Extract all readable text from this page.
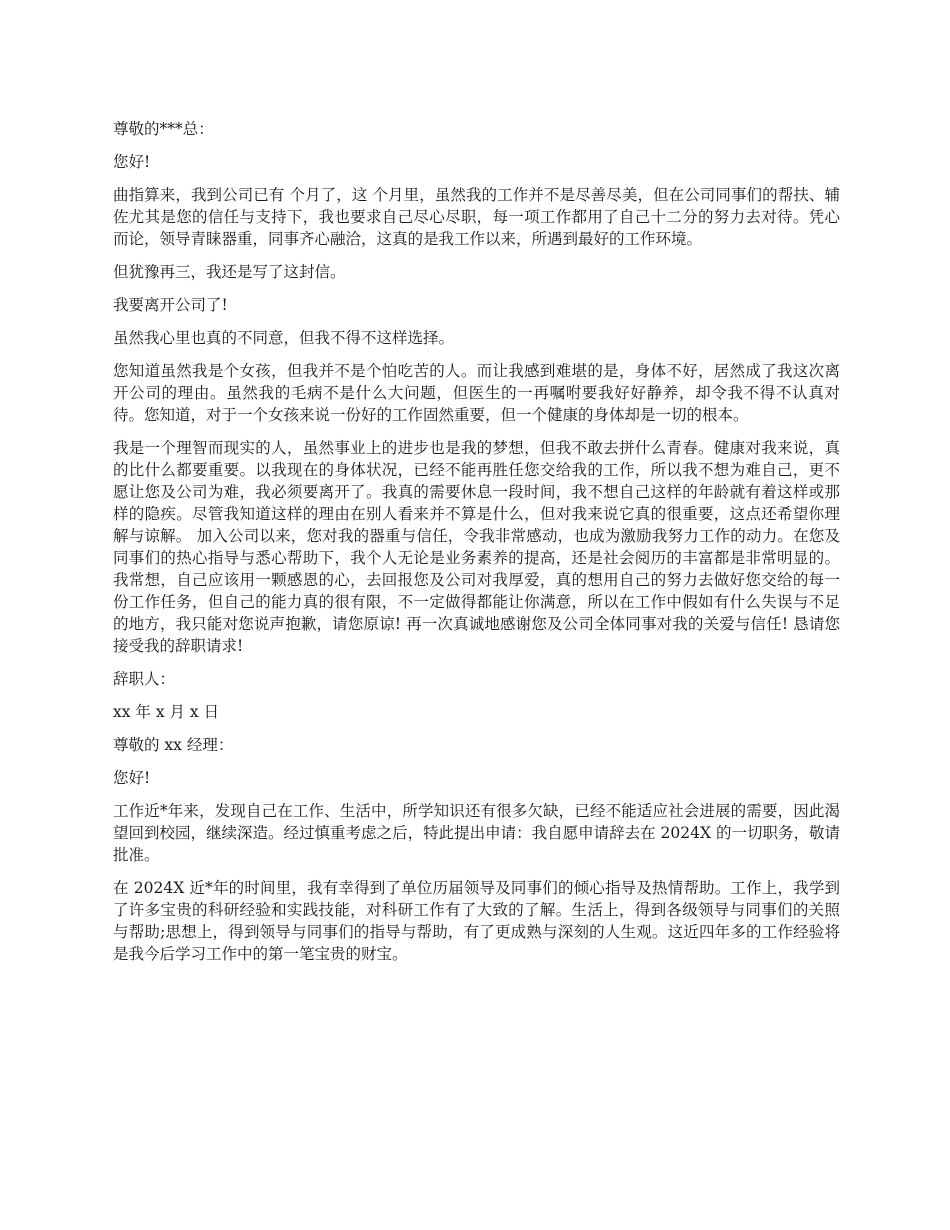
尊敬的***总：

您好!

曲指算来，我到公司已有 个月了，这 个月里，虽然我的工作并不是尽善尽美，但在公司同事们的帮扶、辅佐尤其是您的信任与支持下，我也要求自己尽心尽职，每一项工作都用了自己十二分的努力去对待。凭心而论，领导青睐器重，同事齐心融洽，这真的是我工作以来，所遇到最好的工作环境。

但犹豫再三，我还是写了这封信。

我要离开公司了!

虽然我心里也真的不同意，但我不得不这样选择。

您知道虽然我是个女孩，但我并不是个怕吃苦的人。而让我感到难堪的是，身体不好，居然成了我这次离开公司的理由。虽然我的毛病不是什么大问题，但医生的一再嘱咐要我好好静养，却令我不得不认真对待。您知道，对于一个女孩来说一份好的工作固然重要，但一个健康的身体却是一切的根本。

我是一个理智而现实的人，虽然事业上的进步也是我的梦想，但我不敢去拼什么青春。健康对我来说，真的比什么都要重要。以我现在的身体状况，已经不能再胜任您交给我的工作，所以我不想为难自己，更不愿让您及公司为难，我必须要离开了。我真的需要休息一段时间，我不想自己这样的年龄就有着这样或那样的隐疾。尽管我知道这样的理由在别人看来并不算是什么，但对我来说它真的很重要，这点还希望你理解与谅解。 加入公司以来，您对我的器重与信任，令我非常感动，也成为激励我努力工作的动力。在您及同事们的热心指导与悉心帮助下，我个人无论是业务素养的提高，还是社会阅历的丰富都是非常明显的。我常想，自己应该用一颗感恩的心，去回报您及公司对我厚爱，真的想用自己的努力去做好您交给的每一份工作任务，但自己的能力真的很有限，不一定做得都能让你满意，所以在工作中假如有什么失误与不足的地方，我只能对您说声抱歉，请您原谅! 再一次真诚地感谢您及公司全体同事对我的关爱与信任! 恳请您接受我的辞职请求!

辞职人：

xx 年 x 月 x 日

尊敬的 xx 经理：

您好!

工作近*年来，发现自己在工作、生活中，所学知识还有很多欠缺，已经不能适应社会进展的需要，因此渴望回到校园，继续深造。经过慎重考虑之后，特此提出申请：我自愿申请辞去在 2024X 的一切职务，敬请批准。

在 2024X 近*年的时间里，我有幸得到了单位历届领导及同事们的倾心指导及热情帮助。工作上，我学到了许多宝贵的科研经验和实践技能，对科研工作有了大致的了解。生活上，得到各级领导与同事们的关照与帮助;思想上，得到领导与同事们的指导与帮助，有了更成熟与深刻的人生观。这近四年多的工作经验将是我今后学习工作中的第一笔宝贵的财宝。
